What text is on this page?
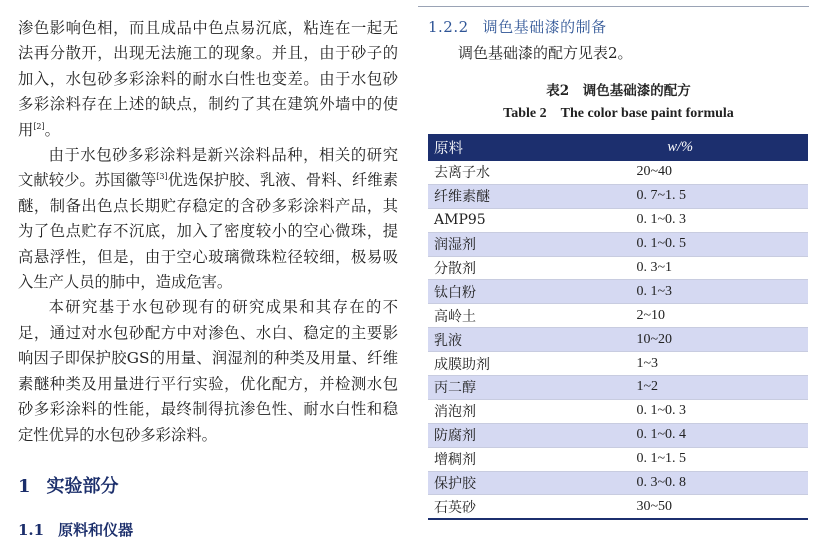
渗色影响色相，而且成品中色点易沉底，粘连在一起无法再分散开，出现无法施工的现象。并且，由于砂子的加入，水包砂多彩涂料的耐水白性也变差。由于水包砂多彩涂料存在上述的缺点，制约了其在建筑外墙中的使用[2]。

由于水包砂多彩涂料是新兴涂料品种，相关的研究文献较少。苏国徽等[3]优选保护胶、乳液、骨料、纤维素醚，制备出色点长期贮存稳定的含砂多彩涂料产品，其为了色点贮存不沉底，加入了密度较小的空心微珠，提高悬浮性，但是，由于空心玻璃微珠粒径较细，极易吸入生产人员的肺中，造成危害。

本研究基于水包砂现有的研究成果和其存在的不足，通过对水包砂配方中对渗色、水白、稳定的主要影响因子即保护胶GS的用量、润湿剂的种类及用量、纤维素醚种类及用量进行平行实验，优化配方，并检测水包砂多彩涂料的性能，最终制得抗渗色性、耐水白性和稳定性优异的水包砂多彩涂料。

1 实验部分
1.1 原料和仪器
1.2.2 调色基础漆的制备
调色基础漆的配方见表2。
表2　调色基础漆的配方
Table 2　The color base paint formula
原料	w/%
去离子水	20~40
纤维素醚	0. 7~1. 5
AMP95	0. 1~0. 3
润湿剂	0. 1~0. 5
分散剂	0. 3~1
钛白粉	0. 1~3
高岭土	2~10
乳液	10~20
成膜助剂	1~3
丙二醇	1~2
消泡剂	0. 1~0. 3
防腐剂	0. 1~0. 4
增稠剂	0. 1~1. 5
保护胶	0. 3~0. 8
石英砂	30~50
